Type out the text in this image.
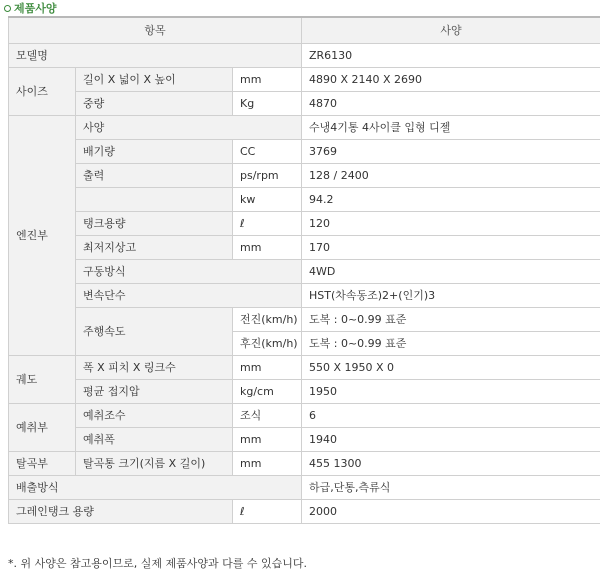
제품사양
항목			사양
모델명			ZR6130
사이즈	길이 X 넓이 X 높이	mm	4890 X 2140 X 2690
	중량	Kg	4870
엔진부	사양		수냉4기통 4사이클 입형 디젤
	배기량	CC	3769
	출력	ps/rpm	128 / 2400
		kw	94.2
	탱크용량	ℓ	120
	최저지상고	mm	170
	구동방식		4WD
	변속단수		HST(차속동조)2+(인기)3
	주행속도	전진(km/h)	도복 : 0~0.99 표준
		후진(km/h)	도복 : 0~0.99 표준
궤도	폭 X 피치 X 링크수	mm	550 X 1950 X 0
	평균 접지압	kg/cm	1950
예취부	예취조수	조식	6
	예취폭	mm	1940
탈곡부	탈곡통 크기(지름 X 길이)	mm	455 1300
배출방식			하급,단통,측류식
그레인탱크 용량		ℓ	2000
*. 위 사양은 참고용이므로, 실제 제품사양과 다를 수 있습니다.
